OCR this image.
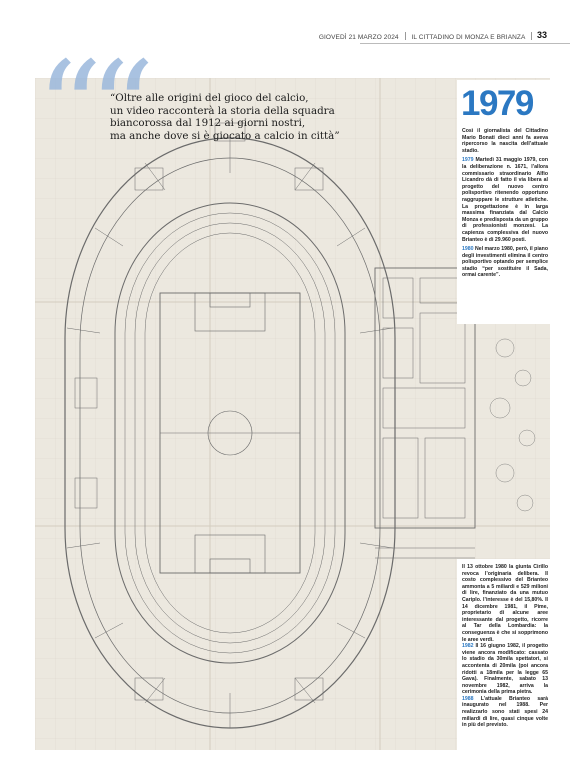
GIOVEDÌ 21 MARZO 2024 IL CITTADINO DI MONZA E BRIANZA	33
““
“Oltre alle origini del gioco del calcio,
un video racconterà la storia della squadra
biancorossa dal 1912 ai giorni nostri,
ma anche dove si è giocato a calcio in città”
1979

Così il giornalista del Cittadino Mario Bonati dieci anni fa aveva ripercorso la nascita dell’attuale stadio.

1979 Martedì 31 maggio 1979, con la deliberazione n. 1671, l’allora commissario straordinario Alfio Licandro dà di fatto il via libera al progetto del nuovo centro polisportivo ritenendo opportuno raggruppare le strutture atletiche. La progettazione è in larga massima finanziata dal Calcio Monza e predisposta da un gruppo di professionisti monzesi. La capienza complessiva del nuovo Brianteo è di 29.960 posti.

1980 Nel marzo 1980, però, il piano degli investimenti elimina il centro polisportivo optando per semplice stadio “per sostituire il Sada, ormai carente”.

Il 13 ottobre 1980 la giunta Cirillo revoca l’originaria delibera. Il costo complessivo del Brianteo ammonta a 5 miliardi e 529 milioni di lire, finanziato da una mutuo Cariplo. l’interesse è del 15,80%. Il 14 dicembre 1981, il Pime, proprietario di alcune aree interessante dal progetto, ricorre al Tar della Lombardia: la conseguenza è che si sopprimono le aree verdi.

1982 Il 16 giugno 1982, il progetto viene ancora modificato: cassato lo stadio da 30mila spettatori, si accontenta di 20mila (poi ancora ridotti a 18mila per la legge 65 Gava). Finalmente, sabato 13 novembre 1982, arriva la cerimonia della prima pietra.

1988 L’attuale Brianteo sarà inaugurato nel 1988. Per realizzarlo sono stati spesi 24 miliardi di lire, quasi cinque volte in più del previsto.
